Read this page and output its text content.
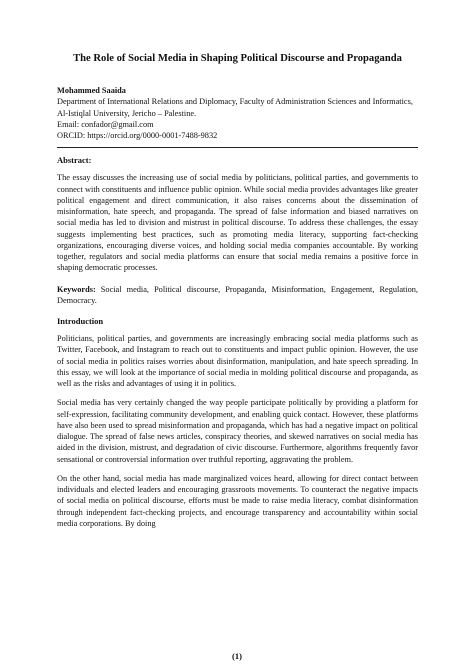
The Role of Social Media in Shaping Political Discourse and Propaganda
Mohammed Saaida
Department of International Relations and Diplomacy, Faculty of Administration Sciences and Informatics, Al-Istiqlal University, Jericho – Palestine.
Email: confador@gmail.com
ORCID: https://orcid.org/0000-0001-7488-9832
Abstract:
The essay discusses the increasing use of social media by politicians, political parties, and governments to connect with constituents and influence public opinion. While social media provides advantages like greater political engagement and direct communication, it also raises concerns about the dissemination of misinformation, hate speech, and propaganda. The spread of false information and biased narratives on social media has led to division and mistrust in political discourse. To address these challenges, the essay suggests implementing best practices, such as promoting media literacy, supporting fact-checking organizations, encouraging diverse voices, and holding social media companies accountable. By working together, regulators and social media platforms can ensure that social media remains a positive force in shaping democratic processes.
Keywords: Social media, Political discourse, Propaganda, Misinformation, Engagement, Regulation, Democracy.
Introduction
Politicians, political parties, and governments are increasingly embracing social media platforms such as Twitter, Facebook, and Instagram to reach out to constituents and impact public opinion. However, the use of social media in politics raises worries about disinformation, manipulation, and hate speech spreading. In this essay, we will look at the importance of social media in molding political discourse and propaganda, as well as the risks and advantages of using it in politics.
Social media has very certainly changed the way people participate politically by providing a platform for self-expression, facilitating community development, and enabling quick contact. However, these platforms have also been used to spread misinformation and propaganda, which has had a negative impact on political dialogue. The spread of false news articles, conspiracy theories, and skewed narratives on social media has aided in the division, mistrust, and degradation of civic discourse. Furthermore, algorithms frequently favor sensational or controversial information over truthful reporting, aggravating the problem.
On the other hand, social media has made marginalized voices heard, allowing for direct contact between individuals and elected leaders and encouraging grassroots movements. To counteract the negative impacts of social media on political discourse, efforts must be made to raise media literacy, combat disinformation through independent fact-checking projects, and encourage transparency and accountability within social media corporations. By doing
(1)
